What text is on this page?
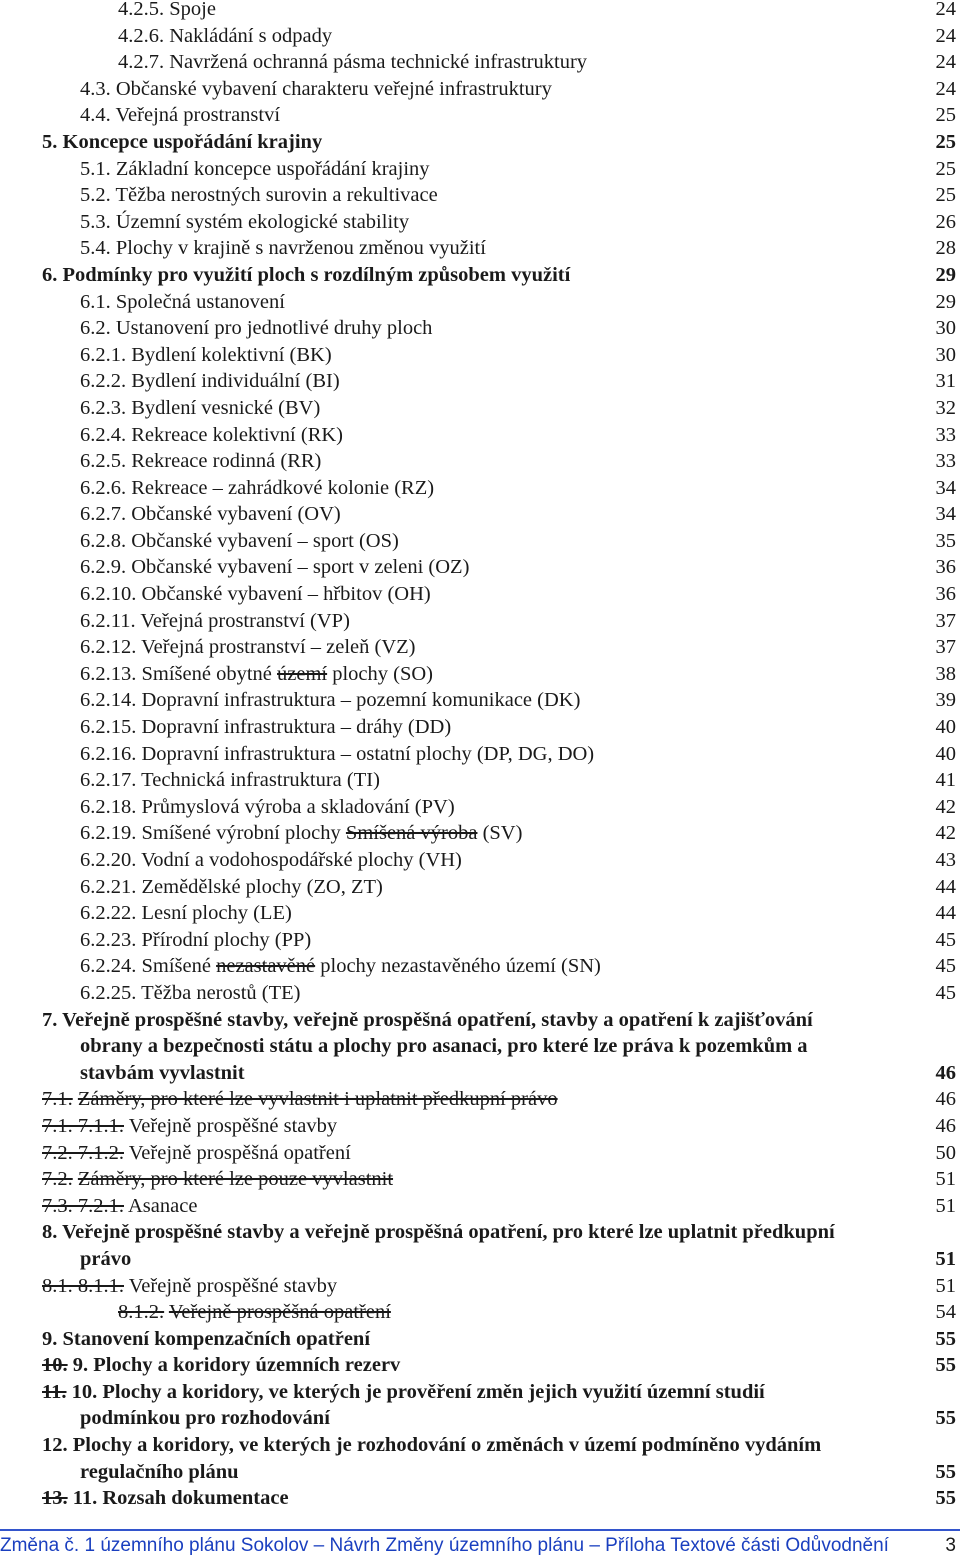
4.2.5. Spoje	24
4.2.6. Nakládání s odpady	24
4.2.7. Navržená ochranná pásma technické infrastruktury	24
4.3. Občanské vybavení charakteru veřejné infrastruktury	24
4.4. Veřejná prostranství	25
5. Koncepce uspořádání krajiny	25
5.1. Základní koncepce uspořádání krajiny	25
5.2. Těžba nerostných surovin a rekultivace	25
5.3. Územní systém ekologické stability	26
5.4. Plochy v krajině s navrženou změnou využití	28
6. Podmínky pro využití ploch s rozdílným způsobem využití	29
6.1. Společná ustanovení	29
6.2. Ustanovení pro jednotlivé druhy ploch	30
6.2.1. Bydlení kolektivní (BK)	30
6.2.2. Bydlení individuální (BI)	31
6.2.3. Bydlení vesnické (BV)	32
6.2.4. Rekreace kolektivní (RK)	33
6.2.5. Rekreace rodinná (RR)	33
6.2.6. Rekreace – zahrádkové kolonie (RZ)	34
6.2.7. Občanské vybavení (OV)	34
6.2.8. Občanské vybavení – sport (OS)	35
6.2.9. Občanské vybavení – sport v zeleni (OZ)	36
6.2.10. Občanské vybavení – hřbitov (OH)	36
6.2.11. Veřejná prostranství (VP)	37
6.2.12. Veřejná prostranství – zeleň (VZ)	37
6.2.13. Smíšené obytné území plochy (SO)	38
6.2.14. Dopravní infrastruktura – pozemní komunikace (DK)	39
6.2.15. Dopravní infrastruktura – dráhy (DD)	40
6.2.16. Dopravní infrastruktura – ostatní plochy (DP, DG, DO)	40
6.2.17. Technická infrastruktura (TI)	41
6.2.18. Průmyslová výroba a skladování (PV)	42
6.2.19. Smíšené výrobní plochy Smíšená výroba (SV)	42
6.2.20. Vodní a vodohospodářské plochy (VH)	43
6.2.21. Zemědělské plochy (ZO, ZT)	44
6.2.22. Lesní plochy (LE)	44
6.2.23. Přírodní plochy (PP)	45
6.2.24. Smíšené nezastavěné plochy nezastavěného území (SN)	45
6.2.25. Těžba nerostů (TE)	45
7. Veřejně prospěšné stavby, veřejně prospěšná opatření, stavby a opatření k zajišťování
obrany a bezpečnosti státu a plochy pro asanaci, pro které lze práva k pozemkům a
stavbám vyvlastnit	46
7.1. Záměry, pro které lze vyvlastnit i uplatnit předkupní právo	46
7.1. 7.1.1. Veřejně prospěšné stavby	46
7.2. 7.1.2. Veřejně prospěšná opatření	50
7.2. Záměry, pro které lze pouze vyvlastnit	51
7.3. 7.2.1. Asanace	51
8. Veřejně prospěšné stavby a veřejně prospěšná opatření, pro které lze uplatnit předkupní
právo	51
8.1. 8.1.1. Veřejně prospěšné stavby	51
8.1.2. Veřejně prospěšná opatření	54
9. Stanovení kompenzačních opatření	55
10. 9. Plochy a koridory územních rezerv	55
11. 10. Plochy a koridory, ve kterých je prověření změn jejich využití územní studií
podmínkou pro rozhodování	55
12. Plochy a koridory, ve kterých je rozhodování o změnách v území podmíněno vydáním
regulačního plánu	55
13. 11. Rozsah dokumentace	55
Změna č. 1 územního plánu Sokolov – Návrh Změny územního plánu – Příloha Textové části Odůvodnění	3
